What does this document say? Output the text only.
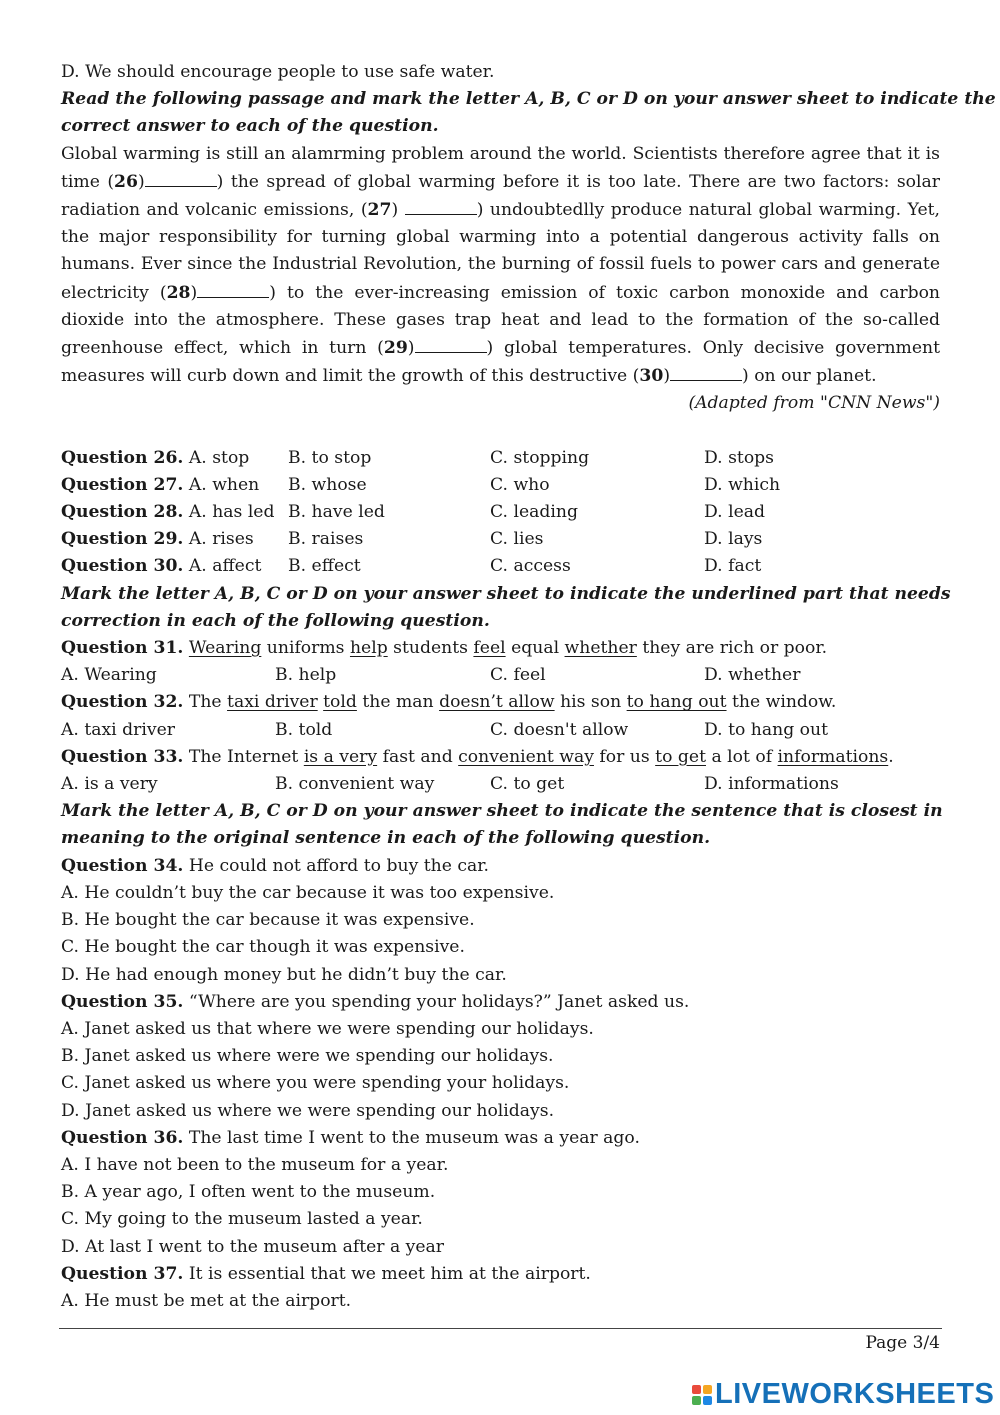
D. We should encourage people to use safe water.
Read the following passage and mark the letter A, B, C or D on your answer sheet to indicate the
correct answer to each of the question.
Global warming is still an alamrming problem around the world. Scientists therefore agree that it is time (26)	) the spread of global warming before it is too late. There are two factors: solar radiation and volcanic emissions, (27)	) undoubtedlly produce natural global warming. Yet, the major responsibility for turning global warming into a potential dangerous activity falls on humans. Ever since the Industrial Revolution, the burning of fossil fuels to power cars and generate electricity (28)	) to the ever-increasing emission of toxic carbon monoxide and carbon dioxide into the atmosphere. These gases trap heat and lead to the formation of the so-called greenhouse effect, which in turn (29)	) global temperatures. Only decisive government measures will curb down and limit the growth of this destructive (30)	) on our planet.
(Adapted from "CNN News")
Question 26. A. stop	B. to stop	C. stopping	D. stops
Question 27. A. when	B. whose	C. who	D. which
Question 28. A. has led B. have led	C. leading	D. lead
Question 29. A. rises	B. raises	C. lies	D. lays
Question 30. A. affect	B. effect	C. access	D. fact
Mark the letter A, B, C or D on your answer sheet to indicate the underlined part that needs
correction in each of the following question.
Question 31. Wearing uniforms help students feel equal whether they are rich or poor.
A. Wearing	B. help	C. feel	D. whether
Question 32. The taxi driver told the man doesn’t allow his son to hang out the window.
A. taxi driver	B. told	C. doesn't allow	D. to hang out
Question 33. The Internet is a very fast and convenient way for us to get a lot of informations.
A. is a very	B. convenient way	C. to get	D. informations
Mark the letter A, B, C or D on your answer sheet to indicate the sentence that is closest in
meaning to the original sentence in each of the following question.
Question 34. He could not afford to buy the car.
A. He couldn’t buy the car because it was too expensive.
B. He bought the car because it was expensive.
C. He bought the car though it was expensive.
D. He had enough money but he didn’t buy the car.
Question 35. “Where are you spending your holidays?” Janet asked us.
A. Janet asked us that where we were spending our holidays.
B. Janet asked us where were we spending our holidays.
C. Janet asked us where you were spending your holidays.
D. Janet asked us where we were spending our holidays.
Question 36. The last time I went to the museum was a year ago.
A. I have not been to the museum for a year.
B. A year ago, I often went to the museum.
C. My going to the museum lasted a year.
D. At last I went to the museum after a year
Question 37. It is essential that we meet him at the airport.
A. He must be met at the airport.
Page 3/4
LIVEWORKSHEETS
